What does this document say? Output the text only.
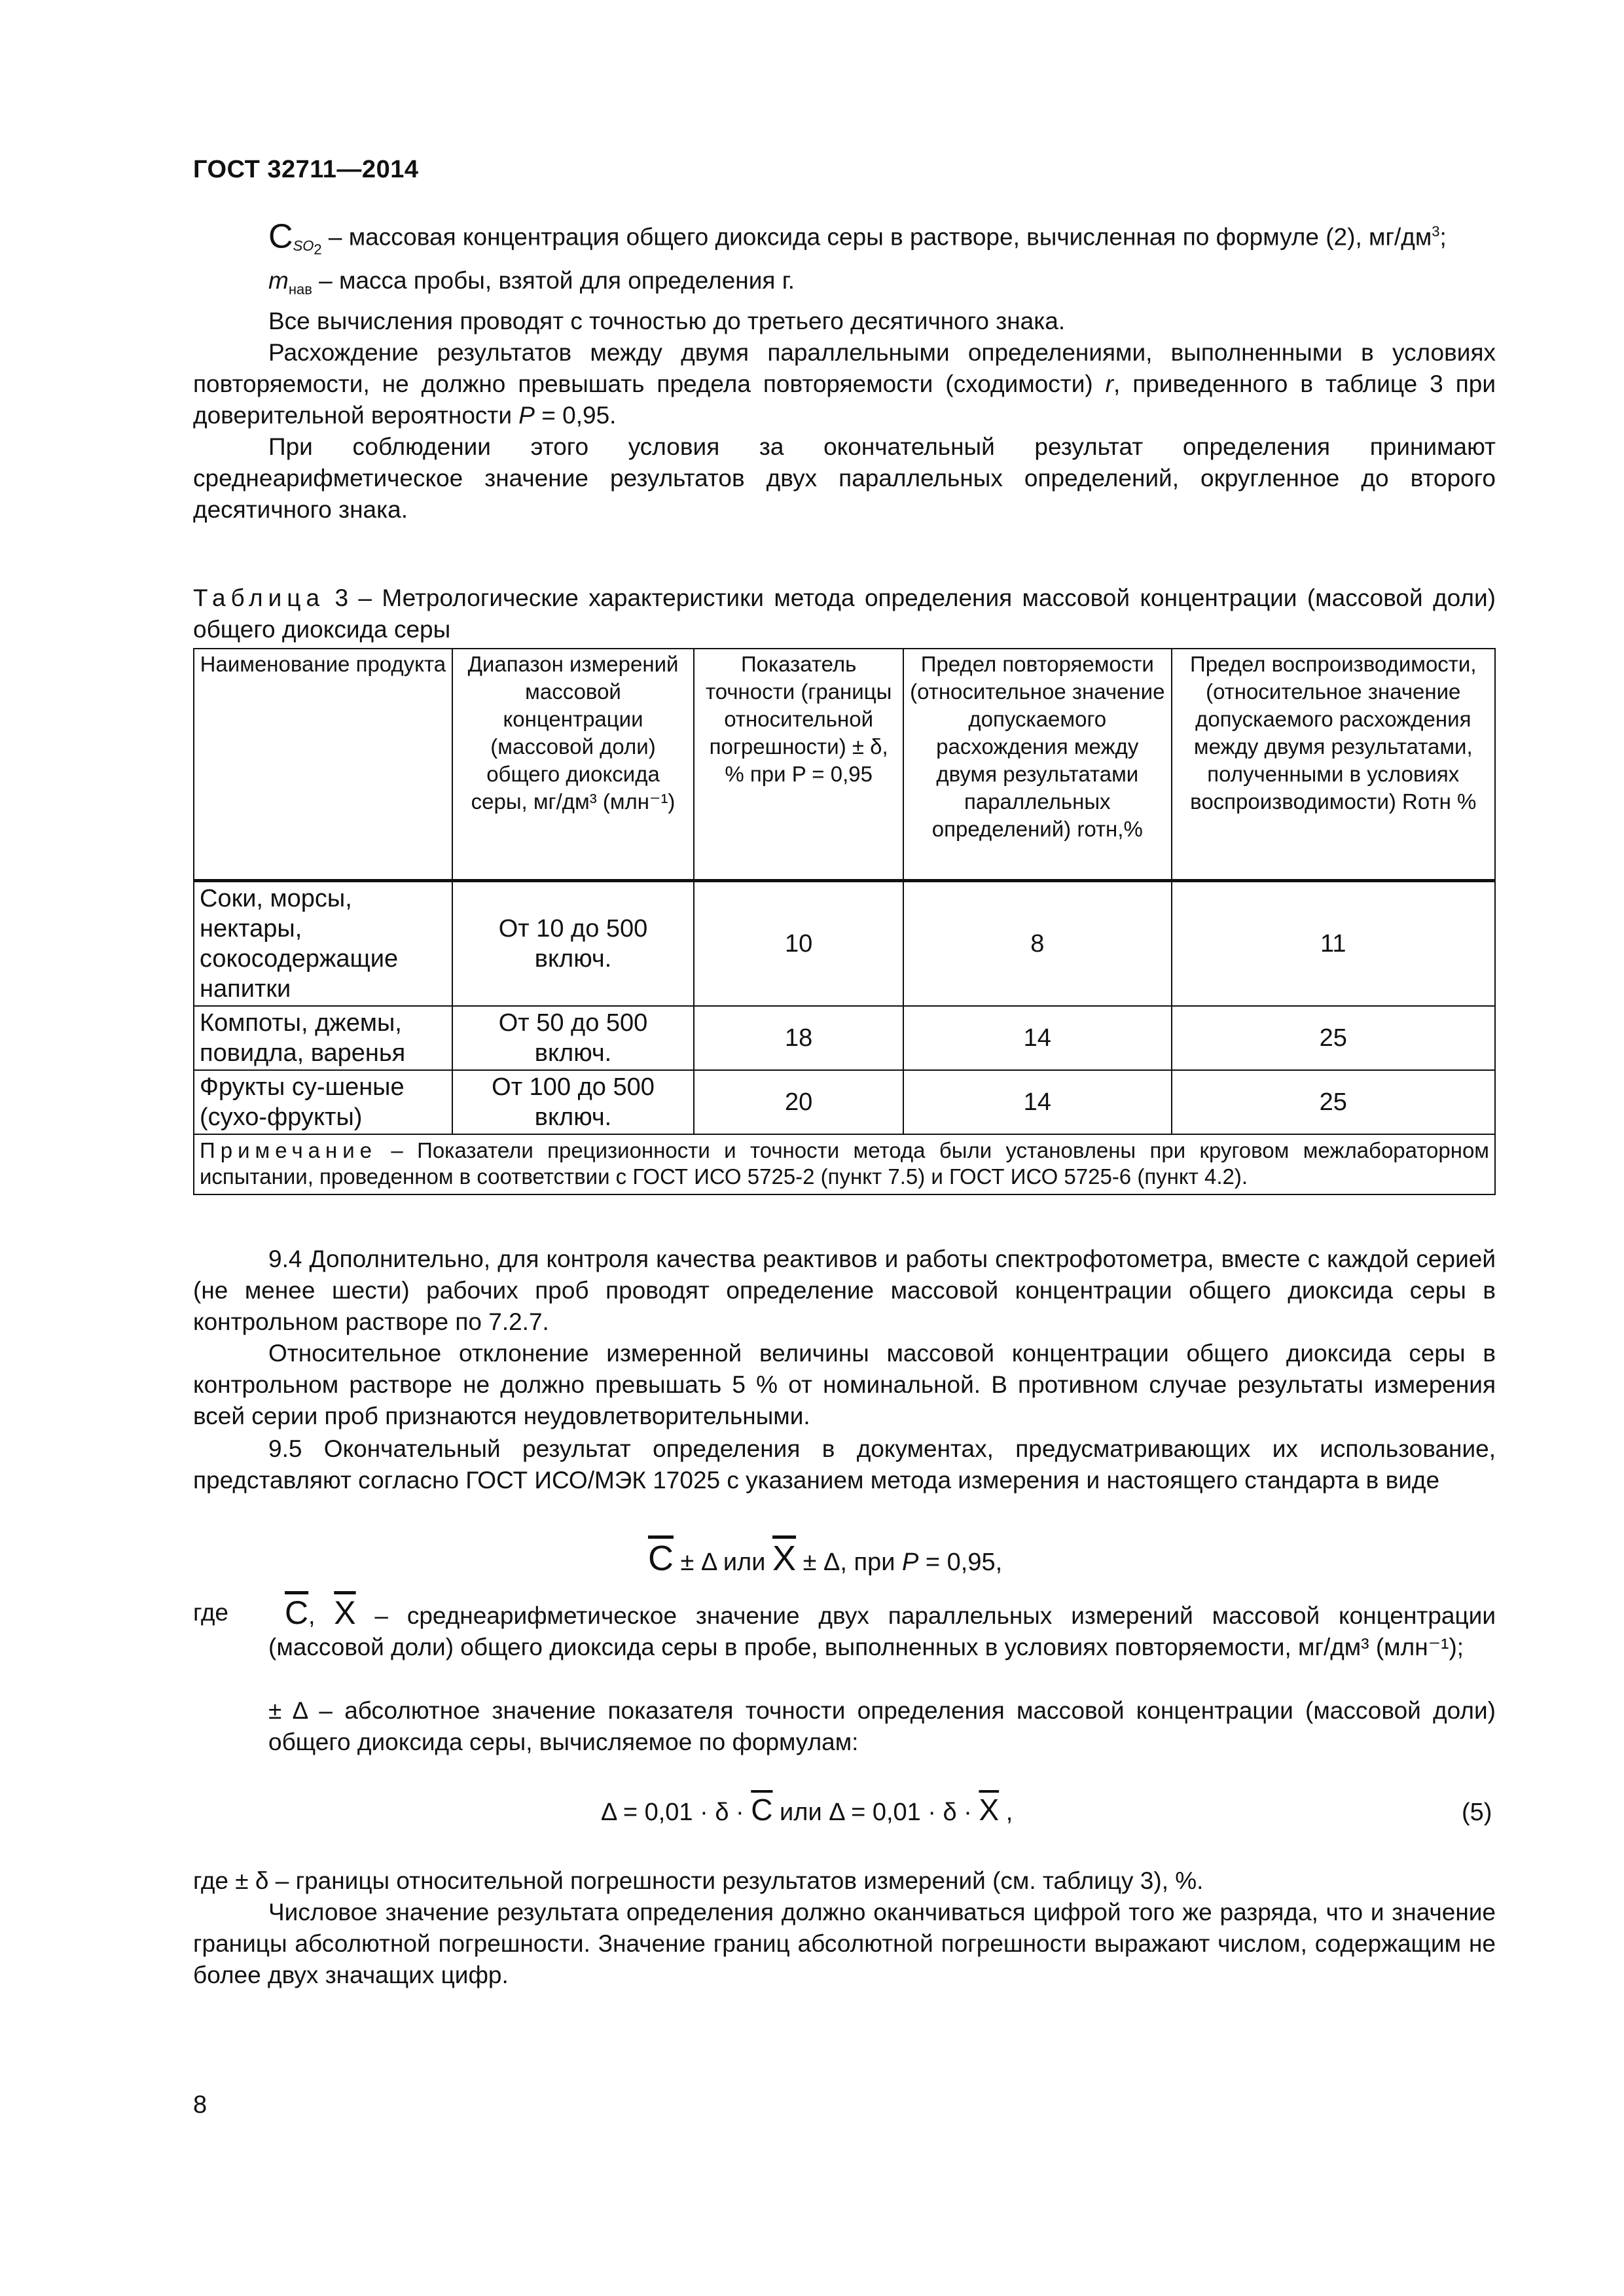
ГОСТ 32711—2014

$C_{SO_2}$ – массовая концентрация общего диоксида серы в растворе, вычисленная по формуле (2), $мг/дм^3$;

$m_{нав}$ – масса пробы, взятой для определения г.

Все вычисления проводят с точностью до третьего десятичного знака.

Расхождение результатов между двумя параллельными определениями, выполненными в условиях повторяемости, не должно превышать предела повторяемости (сходимости) r, приведенного в таблице 3 при доверительной вероятности P = 0,95.

При соблюдении этого условия за окончательный результат определения принимают среднеарифметическое значение результатов двух параллельных определений, округленное до второго десятичного знака.

Таблица 3 – Метрологические характеристики метода определения массовой концентрации (массовой доли) общего диоксида серы

Наименование продукта	Диапазон измерений массовой концентрации (массовой доли) общего диоксида серы, мг/дм³ (млн⁻¹)	Показатель точности (границы относительной погрешности) ± δ, % при P = 0,95	Предел повторяемости (относительное значение допускаемого расхождения между двумя результатами параллельных определений) rотн,%	Предел воспроизводимости, (относительное значение допускаемого расхождения между двумя результатами, полученными в условиях воспроизводимости) Rотн %
Соки, морсы, нектары, сокосодержащие напитки	От 10 до 500 включ.	10	8	11
Компоты, джемы, повидла, варенья	От 50 до 500 включ.	18	14	25
Фрукты су-шеные (сухо-фрукты)	От 100 до 500 включ.	20	14	25
Примечание – Показатели прецизионности и точности метода были установлены при круговом межлабораторном испытании, проведенном в соответствии с ГОСТ ИСО 5725-2 (пункт 7.5) и ГОСТ ИСО 5725-6 (пункт 4.2).				

9.4 Дополнительно, для контроля качества реактивов и работы спектрофотометра, вместе с каждой серией (не менее шести) рабочих проб проводят определение массовой концентрации общего диоксида серы в контрольном растворе по 7.2.7.

Относительное отклонение измеренной величины массовой концентрации общего диоксида серы в контрольном растворе не должно превышать 5 % от номинальной. В противном случае результаты измерения всей серии проб признаются неудовлетворительными.

9.5 Окончательный результат определения в документах, предусматривающих их использование, представляют согласно ГОСТ ИСО/МЭК 17025 с указанием метода измерения и настоящего стандарта в виде

$\overline{C} \pm \Delta$ или $\overline{X} \pm \Delta$, при P = 0,95,
где	$\overline{C}$, $\overline{X}$ – среднеарифметическое значение двух параллельных измерений массовой концентрации (массовой доли) общего диоксида серы в пробе, выполненных в условиях повторяемости, мг/дм³ (млн⁻¹);
± Δ – абсолютное значение показателя точности определения массовой концентрации (массовой доли) общего диоксида серы, вычисляемое по формулам:
$\Delta = 0,01 \cdot \delta \cdot \overline{C}$ или $\Delta = 0,01 \cdot \delta \cdot \overline{X}$ ,	(5)

где ± δ – границы относительной погрешности результатов измерений (см. таблицу 3), %.

Числовое значение результата определения должно оканчиваться цифрой того же разряда, что и значение границы абсолютной погрешности. Значение границ абсолютной погрешности выражают числом, содержащим не более двух значащих цифр.

8
